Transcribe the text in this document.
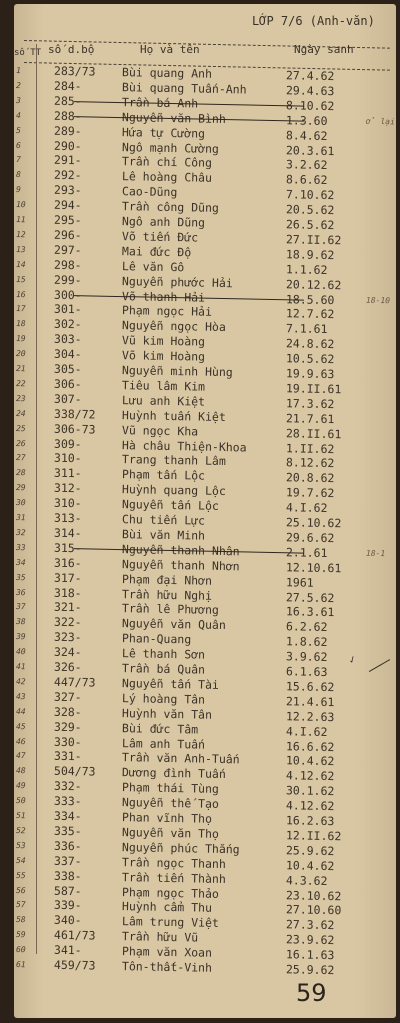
LỚP 7/6 (Anh-văn)
số TT số d.bộ	Họ và tên	Ngày sanh
1	283/73 Bùi quang Anh	27.4.62
2	284-	Bùi quang Tuấn-Anh	29.4.63
3	285-	Trần bá Anh	8.10.62
4	288-	Nguyễn văn Bình	1.3.60	ở lại
5	289-	Hứa tự Cường	8.4.62
6	290-	Ngô mạnh Cường	20.3.61
7	291-	Trần chí Công	3.2.62
8	292-	Lê hoàng Châu	8.6.62
9	293-	Cao-Dũng	7.10.62
10	294-	Trần công Dũng	20.5.62
11	295-	Ngô anh Dũng	26.5.62
12	296-	Võ tiến Đức	27.II.62
13	297-	Mai đức Độ	18.9.62
14	298-	Lê văn Gô	1.1.62
15	299-	Nguyễn phước Hải	20.12.62
16	300-	Võ thanh Hải	18.5.60	18-10
17	301-	Phạm ngọc Hải	12.7.62
18	302-	Nguyễn ngọc Hòa	7.1.61
19	303-	Vũ kim Hoàng	24.8.62
20	304-	Võ kim Hoàng	10.5.62
21	305-	Nguyễn minh Hùng	19.9.63
22	306-	Tiêu lâm Kim	19.II.61
23	307-	Lưu anh Kiệt	17.3.62
24	338/72 Huỳnh tuấn Kiệt	21.7.61
25	306-73 Vũ ngọc Kha	28.II.61
26	309-	Hà châu Thiện-Khoa	1.II.62
27	310-	Trang thanh Lâm	8.12.62
28	311-	Phạm tấn Lộc	20.8.62
29	312-	Huỳnh quang Lộc	19.7.62
30	310-	Nguyễn tấn Lộc	4.I.62
31	313-	Chu tiến Lực	25.10.62
32	314-	Bùi văn Minh	29.6.62
33	315-	Nguyễn thanh Nhân	2.1.61	18-1
34	316-	Nguyễn thanh Nhơn	12.10.61
35	317-	Phạm đại Nhơn	1961
36	318-	Trần hữu Nghị	27.5.62
37	321-	Trần lê Phương	16.3.61
38	322-	Nguyễn văn Quân	6.2.62
39	323-	Phan-Quang	1.8.62
40	324-	Lê thanh Sơn	3.9.62
41	326-	Trần bá Quân	6.1.63
42	447/73 Nguyễn tấn Tài	15.6.62
43	327-	Lý hoàng Tân	21.4.61
44	328-	Huỳnh văn Tân	12.2.63
45	329-	Bùi đức Tâm	4.I.62
46	330-	Lâm anh Tuấn	16.6.62
47	331-	Trần văn Anh-Tuấn	10.4.62
48	504/73 Dương đình Tuấn	4.12.62
49	332-	Phạm thái Tùng	30.1.62
50	333-	Nguyễn thế Tạo	4.12.62
51	334-	Phan vĩnh Thọ	16.2.63
52	335-	Nguyễn văn Thọ	12.II.62
53	336-	Nguyễn phúc Thắng	25.9.62
54	337-	Trần ngọc Thanh	10.4.62
55	338-	Trần tiến Thành	4.3.62
56	587-	Phạm ngọc Thảo	23.10.62
57	339-	Huỳnh cẩm Thu	27.10.60
58	340-	Lâm trung Việt	27.3.62
59	461/73 Trần hữu Vũ	23.9.62
60	341-	Phạm văn Xoan	16.1.63
61	459/73 Tôn-thất-Vinh	25.9.62
✓
59
